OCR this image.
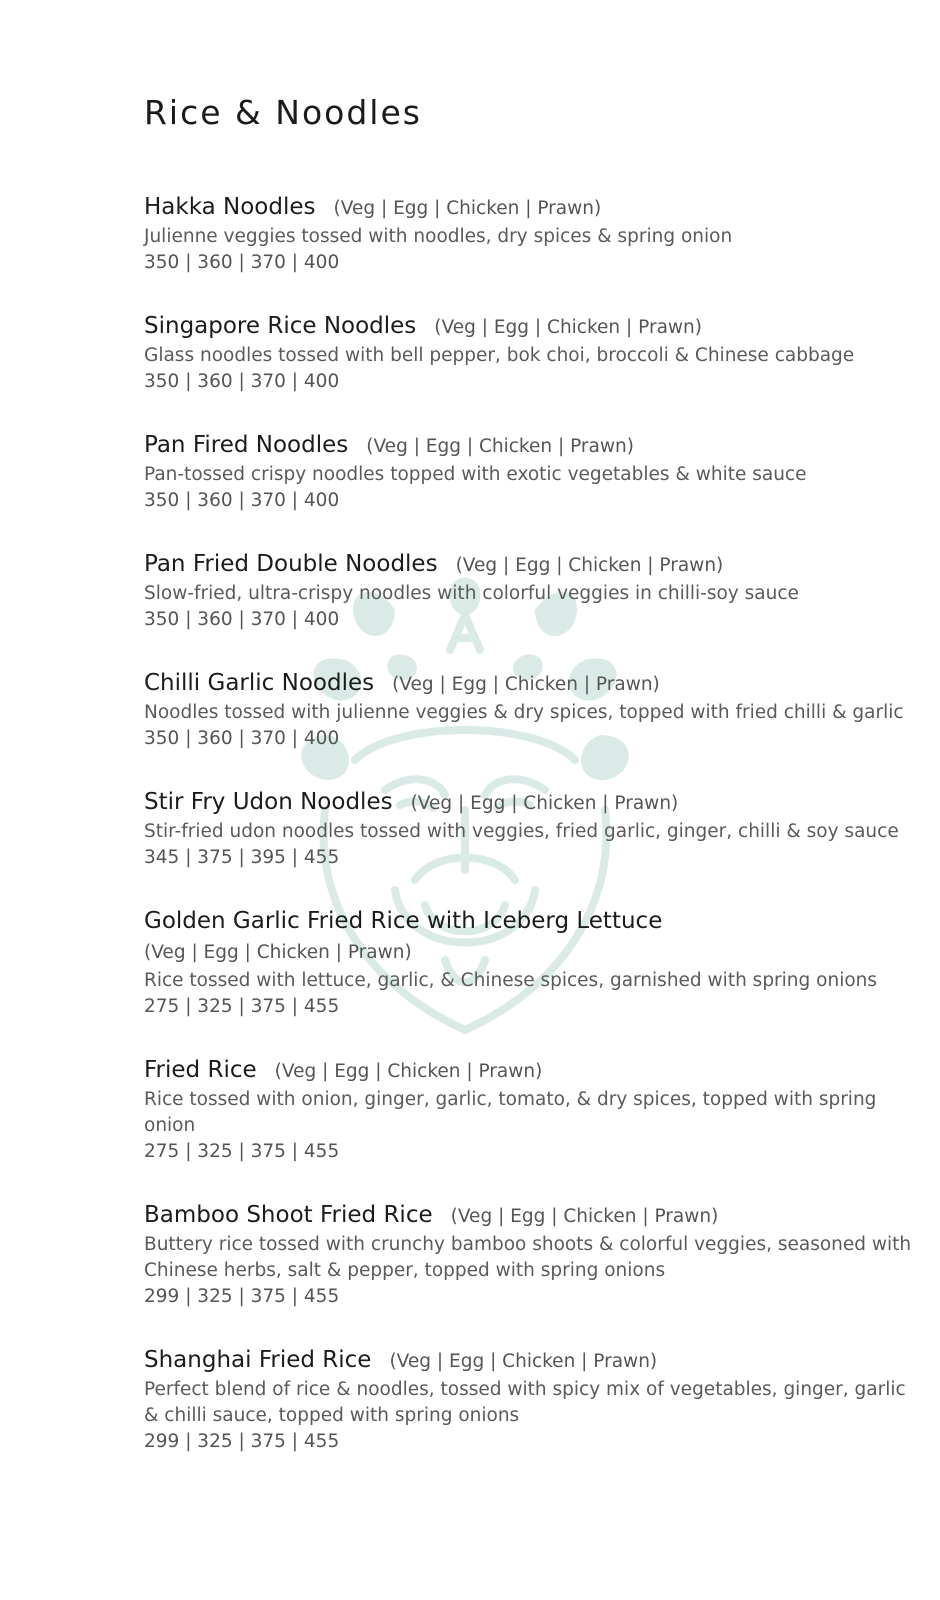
Rice & Noodles
Hakka Noodles (Veg | Egg | Chicken | Prawn)
Julienne veggies tossed with noodles, dry spices & spring onion
350 | 360 | 370 | 400
Singapore Rice Noodles (Veg | Egg | Chicken | Prawn)
Glass noodles tossed with bell pepper, bok choi, broccoli & Chinese cabbage
350 | 360 | 370 | 400
Pan Fired Noodles (Veg | Egg | Chicken | Prawn)
Pan-tossed crispy noodles topped with exotic vegetables & white sauce
350 | 360 | 370 | 400
Pan Fried Double Noodles (Veg | Egg | Chicken | Prawn)
Slow-fried, ultra-crispy noodles with colorful veggies in chilli-soy sauce
350 | 360 | 370 | 400
Chilli Garlic Noodles (Veg | Egg | Chicken | Prawn)
Noodles tossed with julienne veggies & dry spices, topped with fried chilli & garlic
350 | 360 | 370 | 400
Stir Fry Udon Noodles (Veg | Egg | Chicken | Prawn)
Stir-fried udon noodles tossed with veggies, fried garlic, ginger, chilli & soy sauce
345 | 375 | 395 | 455
Golden Garlic Fried Rice with Iceberg Lettuce
(Veg | Egg | Chicken | Prawn)
Rice tossed with lettuce, garlic, & Chinese spices, garnished with spring onions
275 | 325 | 375 | 455
Fried Rice (Veg | Egg | Chicken | Prawn)
Rice tossed with onion, ginger, garlic, tomato, & dry spices, topped with spring onion
275 | 325 | 375 | 455
Bamboo Shoot Fried Rice (Veg | Egg | Chicken | Prawn)
Buttery rice tossed with crunchy bamboo shoots & colorful veggies, seasoned with Chinese herbs, salt & pepper, topped with spring onions
299 | 325 | 375 | 455
Shanghai Fried Rice (Veg | Egg | Chicken | Prawn)
Perfect blend of rice & noodles, tossed with spicy mix of vegetables, ginger, garlic & chilli sauce, topped with spring onions
299 | 325 | 375 | 455
